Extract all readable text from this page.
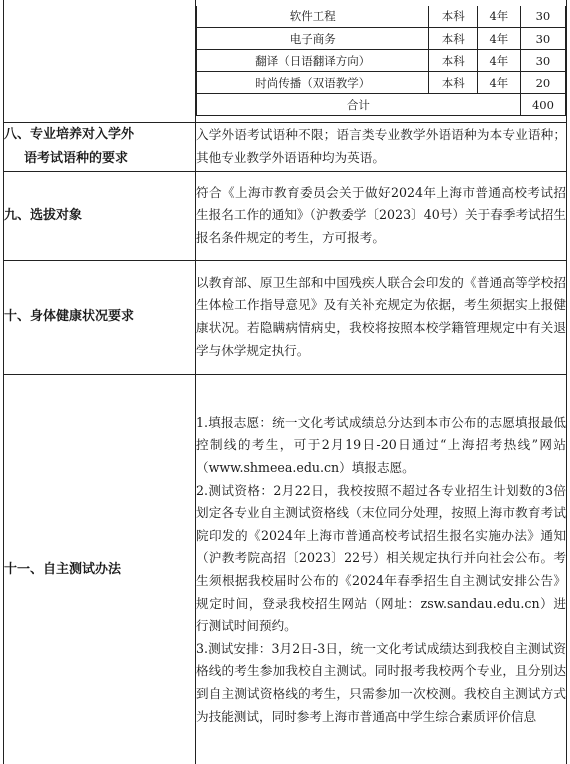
软件工程	本科	4年	30
电子商务	本科	4年	30
翻译（日语翻译方向）	本科	4年	30
时尚传播（双语教学）	本科	4年	20
合计	400

八、专业培养对入学外
语考试语种的要求

入学外语考试语种不限；语言类专业教学外语语种为本专业语种；其他专业教学外语语种均为英语。

九、选拔对象

符合《上海市教育委员会关于做好2024年上海市普通高校考试招生报名工作的通知》（沪教委学〔2023〕40号）关于春季考试招生报名条件规定的考生，方可报考。

十、身体健康状况要求

以教育部、原卫生部和中国残疾人联合会印发的《普通高等学校招生体检工作指导意见》及有关补充规定为依据，考生须据实上报健康状况。若隐瞒病情病史，我校将按照本校学籍管理规定中有关退学与休学规定执行。

十一、自主测试办法

1.填报志愿：统一文化考试成绩总分达到本市公布的志愿填报最低控制线的考生，可于2月19日-20日通过“上海招考热线”网站（www.shmeea.edu.cn）填报志愿。

2.测试资格：2月22日，我校按照不超过各专业招生计划数的3倍划定各专业自主测试资格线（末位同分处理，按照上海市教育考试院印发的《2024年上海市普通高校考试招生报名实施办法》通知（沪教考院高招〔2023〕22号）相关规定执行并向社会公布。考生须根据我校届时公布的《2024年春季招生自主测试安排公告》规定时间，登录我校招生网站（网址：zsw.sandau.edu.cn）进行测试时间预约。

3.测试安排：3月2日-3日，统一文化考试成绩达到我校自主测试资格线的考生参加我校自主测试。同时报考我校两个专业，且分别达到自主测试资格线的考生，只需参加一次校测。我校自主测试方式为技能测试，同时参考上海市普通高中学生综合素质评价信息
